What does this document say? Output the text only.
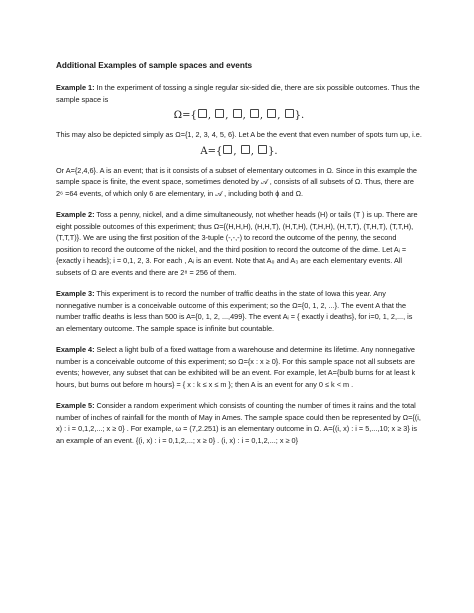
Additional Examples of sample spaces and events

Example 1: In the experiment of tossing a single regular six-sided die, there are six possible outcomes. Thus the sample space is

Ω={ , , , , , }.

This may also be depicted simply as Ω={1, 2, 3, 4, 5, 6}. Let A be the event that even number of spots turn up, i.e.

A={ , , }.

Or A={2,4,6}. A is an event; that is it consists of a subset of elementary outcomes in Ω. Since in this example the sample space is finite, the event space, sometimes denoted by 𝒜 , consists of all subsets of Ω. Thus, there are 2⁶ =64 events, of which only 6 are elementary, in 𝒜 , including both ϕ and Ω.

Example 2: Toss a penny, nickel, and a dime simultaneously, not whether heads (H) or tails (T ) is up. There are eight possible outcomes of this experiment; thus Ω={(H,H,H), (H,H,T), (H,T,H), (T,H,H), (H,T,T), (T,H,T), (T,T,H), (T,T,T)}. We are using the first position of the 3-tuple (-,-,-) to record the outcome of the penny, the second position to record the outcome of the nickel, and the third position to record the outcome of the dime. Let Aᵢ = {exactly i heads}; i = 0,1, 2, 3. For each , Aᵢ is an event. Note that A₀ and A₃ are each elementary events. All subsets of Ω are events and there are 2⁸ = 256 of them.

Example 3: This experiment is to record the number of traffic deaths in the state of Iowa this year. Any nonnegative number is a conceivable outcome of this experiment; so the Ω={0, 1, 2, ...}. The event A that the number traffic deaths is less than 500 is A={0, 1, 2, ...,499}. The event Aᵢ = { exactly i deaths}, for i=0, 1, 2,..., is an elementary outcome. The sample space is infinite but countable.

Example 4: Select a light bulb of a fixed wattage from a warehouse and determine its lifetime. Any nonnegative number is a conceivable outcome of this experiment; so Ω={x : x ≥ 0}. For this sample space not all subsets are events; however, any subset that can be exhibited will be an event. For example, let A={bulb burns for at least k hours, but burns out before m hours} = { x : k ≤ x ≤ m }; then A is an event for any 0 ≤ k < m .

Example 5: Consider a random experiment which consists of counting the number of times it rains and the total number of inches of rainfall for the month of May in Ames. The sample space could then be represented by Ω={(i, x) : i = 0,1,2,...; x ≥ 0} . For example, ω = (7,2.251) is an elementary outcome in Ω. A={(i, x) : i = 5,...,10; x ≥ 3} is an example of an event. {(i, x) : i = 0,1,2,...; x ≥ 0} . (i, x) : i = 0,1,2,...; x ≥ 0}
